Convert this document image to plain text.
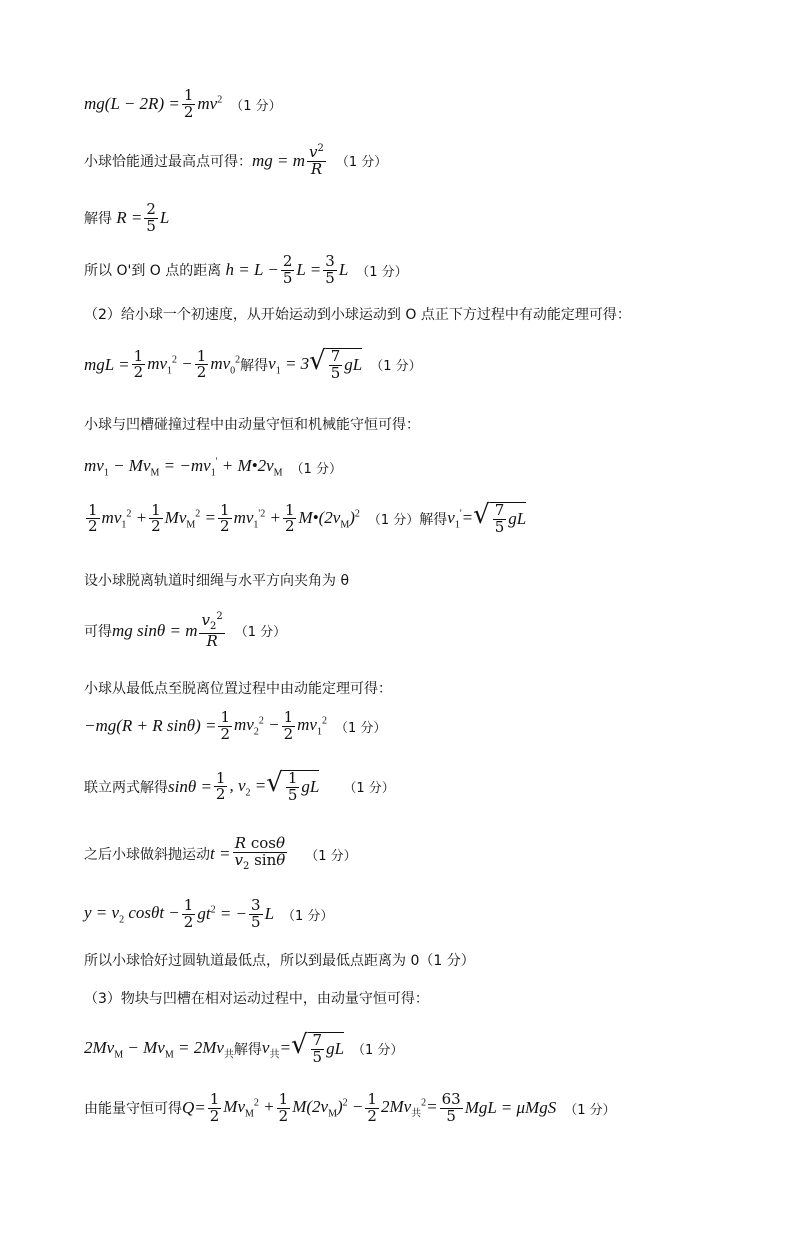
$mg(L - 2R) = \frac{1}{2} mv^2$ （1 分）
小球恰能通过最高点可得： mg = m $\frac{v^2}{R} (1$ 分）
解得 $R = \frac{2}{5}$ L
所以 O'到 O 点的距离 $h = L - \frac{2}{5}$ $L = \frac{3}{5}$ L （1 分）
（2）给小球一个初速度，从开始运动到小球运动到 O 点正下方过程中有动能定理可得：
mgL = $\frac{1}{2} mv_1^2 - \frac{1}{2} mv_0^2$ 解得 $v_1 = 3$ √ $\frac{7}{5}$ gL （1 分）
小球与凹槽碰撞过程中由动量守恒和机械能守恒可得：
$mv_1 - Mv_M = -mv_1'$ + $M•2v_M$ （1 分）
$\frac{1}{2} mv_1^2 + \frac{1}{2} Mv_M^2 = \frac{1}{2} mv_1^{'2} + \frac{1}{2}$ $M•(2v_M)^2$ （1 分） 解得 $v_1'=$ √ $\frac{7}{5}$ gL
设小球脱离轨道时细绳与水平方向夹角为 θ
可得 mg sinθ = m $\frac{v_2^2}{R} (1$ 分）
小球从最低点至脱离位置过程中由动能定理可得：
−mg(R + R $\sin\theta) = \frac{1}{2} mv_2^2 - \frac{1}{2} mv_1^2$ （1 分）
联立两式解得 $\sin\theta = \frac{1}{2}$ , $v_2$ = √ $\frac{1}{5}$ gL （1 分）
之后小球做斜抛运动 $t = \frac{\text{R cosθ}}{v_2 \sin\theta} (1$ 分）
$y = v_2$ $\cos\theta t - \frac{1}{2} gt^2$ = − $\frac{3}{5}$ L （1 分）
所以小球恰好过圆轨道最低点，所以到最低点距离为 0（1 分）
（3）物块与凹槽在相对运动过程中，由动量守恒可得：
$2Mv_M - Mv_M = 2Mv_共$ 解得 $v_共=$ √ $\frac{7}{5}$ gL （1 分）
由能量守恒可得 $Q= \frac{1}{2} Mv_M^2 + \frac{1}{2} M(2v_M)^2 - \frac{1}{2} 2Mv_共^2= \frac{63}{5}$ MgL = μMgS （1 分）
